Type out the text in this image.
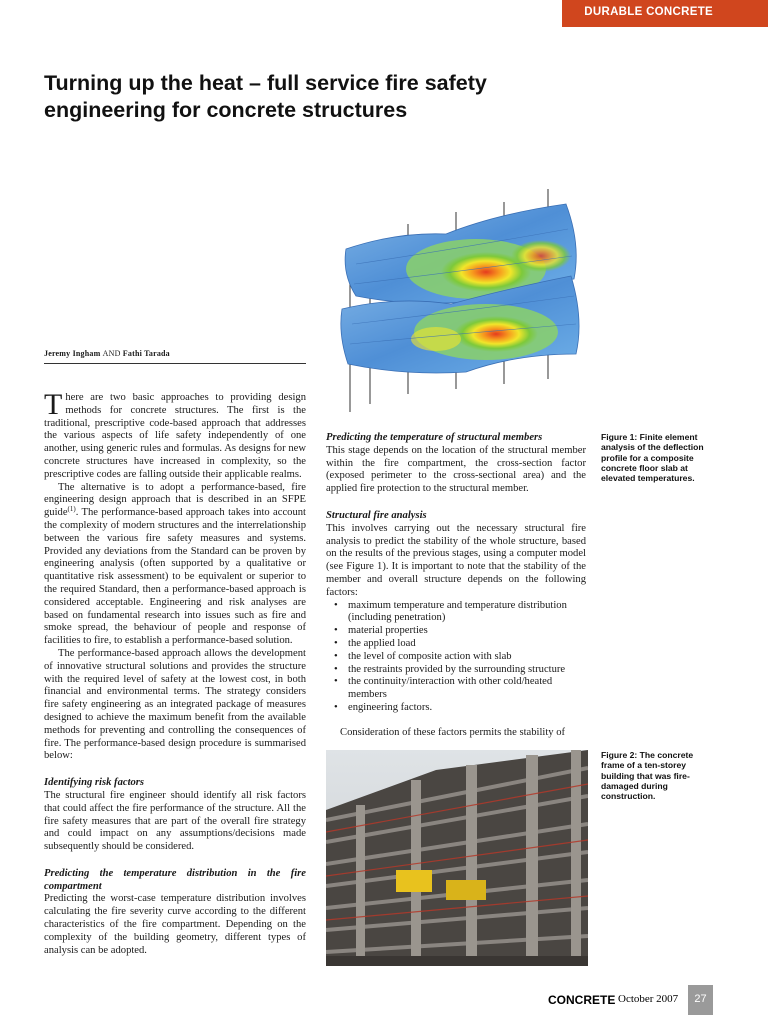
DURABLE CONCRETE
Turning up the heat – full service fire safety engineering for concrete structures
Figure 1: Finite element analysis of the deflection profile for a composite concrete floor slab at elevated temperatures.
Jeremy Ingham AND Fathi Tarada

There are two basic approaches to providing design methods for concrete structures. The first is the traditional, prescriptive code-based approach that addresses the various aspects of life safety independently of one another, using generic rules and formulas. As designs for new concrete structures have increased in complexity, so the prescriptive codes are falling outside their applicable realms.

The alternative is to adopt a performance-based, fire engineering design approach that is described in an SFPE guide$^{(1)}$. The performance-based approach takes into account the complexity of modern structures and the interrelationship between the various fire safety measures and systems. Provided any deviations from the Standard can be proven by engineering analysis (often supported by a qualitative or quantitative risk assessment) to be equivalent or superior to the required Standard, then a performance-based approach is considered acceptable. Engineering and risk analyses are based on fundamental research into issues such as fire and smoke spread, the behaviour of people and response of facilities to fire, to establish a performance-based solution.

The performance-based approach allows the development of innovative structural solutions and provides the structure with the required level of safety at the lowest cost, in both financial and environmental terms. The strategy considers fire safety engineering as an integrated package of measures designed to achieve the maximum benefit from the available methods for preventing and controlling the consequences of fire. The performance-based design procedure is summarised below:

Identifying risk factors

The structural fire engineer should identify all risk factors that could affect the fire performance of the structure. All the fire safety measures that are part of the overall fire strategy and could impact on any assumptions/decisions made subsequently should be considered.

Predicting the temperature distribution in the fire compartment

Predicting the worst-case temperature distribution involves calculating the fire severity curve according to the different characteristics of the fire compartment. Depending on the complexity of the building geometry, different types of analysis can be adopted.

Predicting the temperature of structural members

This stage depends on the location of the structural member within the fire compartment, the cross-section factor (exposed perimeter to the cross-sectional area) and the applied fire protection to the structural member.

Structural fire analysis

This involves carrying out the necessary structural fire analysis to predict the stability of the whole structure, based on the results of the previous stages, using a computer model (see Figure 1). It is important to note that the stability of the member and overall structure depends on the following factors:

• maximum temperature and temperature distribution (including penetration)
• material properties
• the applied load
• the level of composite action with slab
• the restraints provided by the surrounding structure
• the continuity/interaction with other cold/heated members
• engineering factors.

Consideration of these factors permits the stability of

Figure 2: The concrete frame of a ten-storey building that was fire-damaged during construction.
CONCRETE October 2007	27
